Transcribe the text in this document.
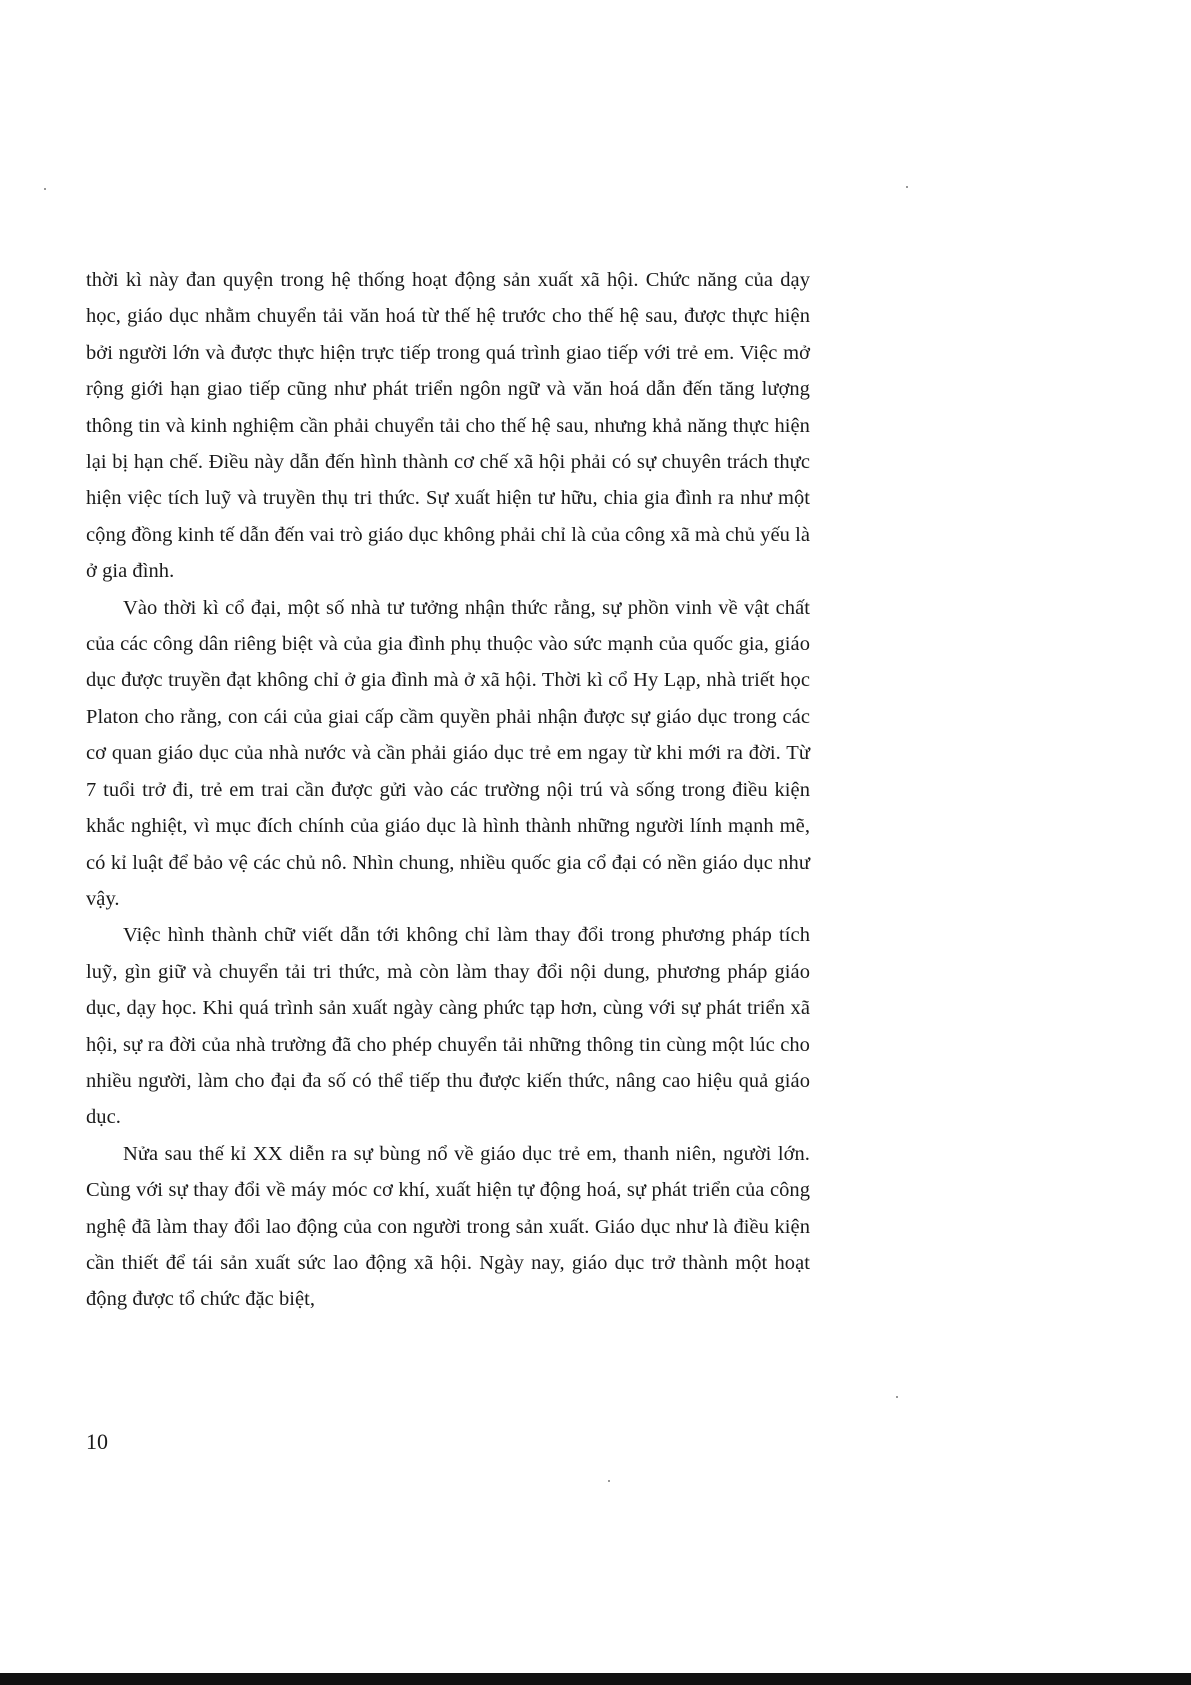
thời kì này đan quyện trong hệ thống hoạt động sản xuất xã hội. Chức năng của dạy học, giáo dục nhằm chuyển tải văn hoá từ thế hệ trước cho thế hệ sau, được thực hiện bởi người lớn và được thực hiện trực tiếp trong quá trình giao tiếp với trẻ em. Việc mở rộng giới hạn giao tiếp cũng như phát triển ngôn ngữ và văn hoá dẫn đến tăng lượng thông tin và kinh nghiệm cần phải chuyển tải cho thế hệ sau, nhưng khả năng thực hiện lại bị hạn chế. Điều này dẫn đến hình thành cơ chế xã hội phải có sự chuyên trách thực hiện việc tích luỹ và truyền thụ tri thức. Sự xuất hiện tư hữu, chia gia đình ra như một cộng đồng kinh tế dẫn đến vai trò giáo dục không phải chỉ là của công xã mà chủ yếu là ở gia đình.

Vào thời kì cổ đại, một số nhà tư tưởng nhận thức rằng, sự phồn vinh về vật chất của các công dân riêng biệt và của gia đình phụ thuộc vào sức mạnh của quốc gia, giáo dục được truyền đạt không chỉ ở gia đình mà ở xã hội. Thời kì cổ Hy Lạp, nhà triết học Platon cho rằng, con cái của giai cấp cầm quyền phải nhận được sự giáo dục trong các cơ quan giáo dục của nhà nước và cần phải giáo dục trẻ em ngay từ khi mới ra đời. Từ 7 tuổi trở đi, trẻ em trai cần được gửi vào các trường nội trú và sống trong điều kiện khắc nghiệt, vì mục đích chính của giáo dục là hình thành những người lính mạnh mẽ, có kỉ luật để bảo vệ các chủ nô. Nhìn chung, nhiều quốc gia cổ đại có nền giáo dục như vậy.

Việc hình thành chữ viết dẫn tới không chỉ làm thay đổi trong phương pháp tích luỹ, gìn giữ và chuyển tải tri thức, mà còn làm thay đổi nội dung, phương pháp giáo dục, dạy học. Khi quá trình sản xuất ngày càng phức tạp hơn, cùng với sự phát triển xã hội, sự ra đời của nhà trường đã cho phép chuyển tải những thông tin cùng một lúc cho nhiều người, làm cho đại đa số có thể tiếp thu được kiến thức, nâng cao hiệu quả giáo dục.

Nửa sau thế kỉ XX diễn ra sự bùng nổ về giáo dục trẻ em, thanh niên, người lớn. Cùng với sự thay đổi về máy móc cơ khí, xuất hiện tự động hoá, sự phát triển của công nghệ đã làm thay đổi lao động của con người trong sản xuất. Giáo dục như là điều kiện cần thiết để tái sản xuất sức lao động xã hội. Ngày nay, giáo dục trở thành một hoạt động được tổ chức đặc biệt,

10
